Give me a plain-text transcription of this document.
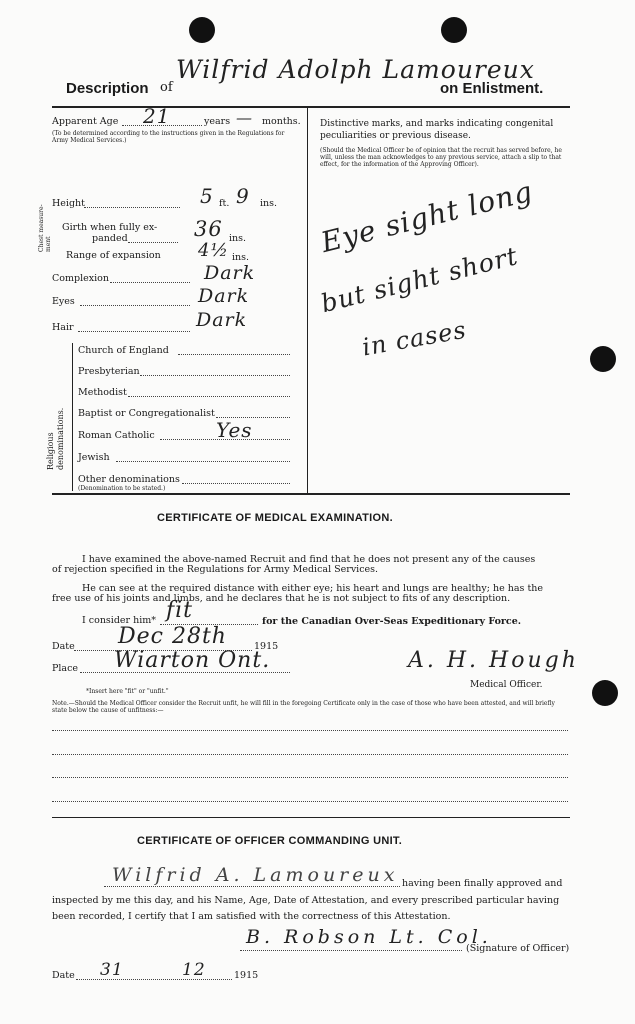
Description of
Wilfrid Adolph Lamoureux
on Enlistment.
Apparent Age 21	years — months.
(To be determined according to the instructions given in the Regulations for Army Medical Services.)
Height	5 ft. 9 ins.
Chest measure-ment
Girth when fully ex-
panded	36 ins.
Range of expansion 4½ ins.
Complexion	Dark
Eyes	Dark
Hair	Dark
Religious denominations.
Church of England
Presbyterian
Methodist
Baptist or Congregationalist
Roman Catholic	Yes
Jewish
Other denominations
(Denomination to be stated.)
Distinctive marks, and marks indicating congenital peculiarities or previous disease.
(Should the Medical Officer be of opinion that the recruit has served before, he will, unless the man acknowledges to any previous service, attach a slip to that effect, for the information of the Approving Officer).
Eye sight long
but sight short
in cases
CERTIFICATE OF MEDICAL EXAMINATION.
I have examined the above-named Recruit and find that he does not present any of the causes
of rejection specified in the Regulations for Army Medical Services.
He can see at the required distance with either eye; his heart and lungs are healthy; he has the
free use of his joints and limbs, and he declares that he is not subject to fits of any description.
I consider him* fit	for the Canadian Over-Seas Expeditionary Force.
Date Dec 28th	1915
Place Wiarton Ont.	A. H. Hough
Medical Officer.
*Insert here "fit" or "unfit."
Note.—Should the Medical Officer consider the Recruit unfit, he will fill in the foregoing Certificate only in the case of those who have been attested, and will briefly state below the cause of unfitness:—
CERTIFICATE OF OFFICER COMMANDING UNIT.
Wilfrid A. Lamoureux having been finally approved and
inspected by me this day, and his Name, Age, Date of Attestation, and every prescribed particular having
been recorded, I certify that I am satisfied with the correctness of this Attestation.
B. Robson Lt. Col.
(Signature of Officer)
Date 31	12	1915
